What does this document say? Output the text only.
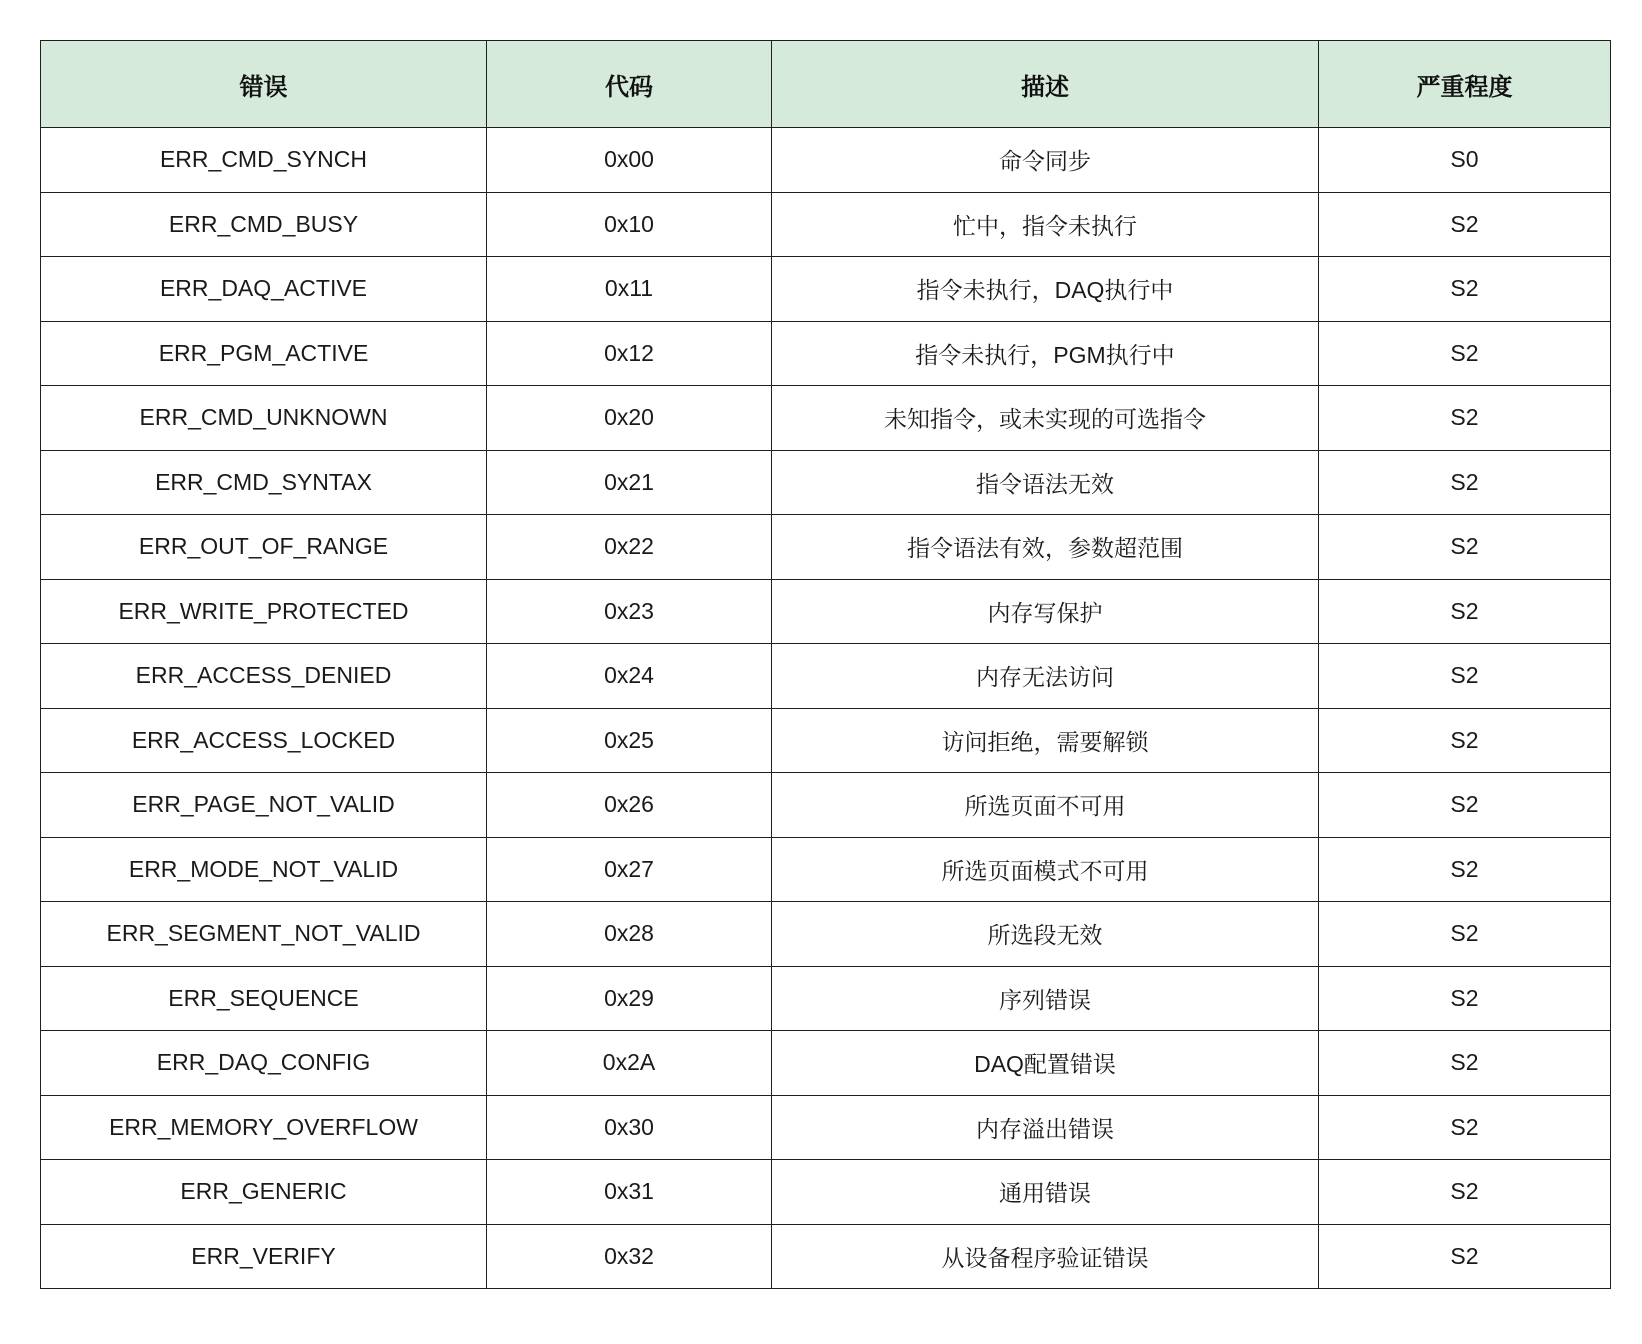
错误	代码	描述	严重程度
ERR_CMD_SYNCH	0x00	命令同步	S0
ERR_CMD_BUSY	0x10	忙中，指令未执行	S2
ERR_DAQ_ACTIVE	0x11	指令未执行，DAQ执行中	S2
ERR_PGM_ACTIVE	0x12	指令未执行，PGM执行中	S2
ERR_CMD_UNKNOWN	0x20	未知指令，或未实现的可选指令	S2
ERR_CMD_SYNTAX	0x21	指令语法无效	S2
ERR_OUT_OF_RANGE	0x22	指令语法有效，参数超范围	S2
ERR_WRITE_PROTECTED	0x23	内存写保护	S2
ERR_ACCESS_DENIED	0x24	内存无法访问	S2
ERR_ACCESS_LOCKED	0x25	访问拒绝，需要解锁	S2
ERR_PAGE_NOT_VALID	0x26	所选页面不可用	S2
ERR_MODE_NOT_VALID	0x27	所选页面模式不可用	S2
ERR_SEGMENT_NOT_VALID	0x28	所选段无效	S2
ERR_SEQUENCE	0x29	序列错误	S2
ERR_DAQ_CONFIG	0x2A	DAQ配置错误	S2
ERR_MEMORY_OVERFLOW	0x30	内存溢出错误	S2
ERR_GENERIC	0x31	通用错误	S2
ERR_VERIFY	0x32	从设备程序验证错误	S2
